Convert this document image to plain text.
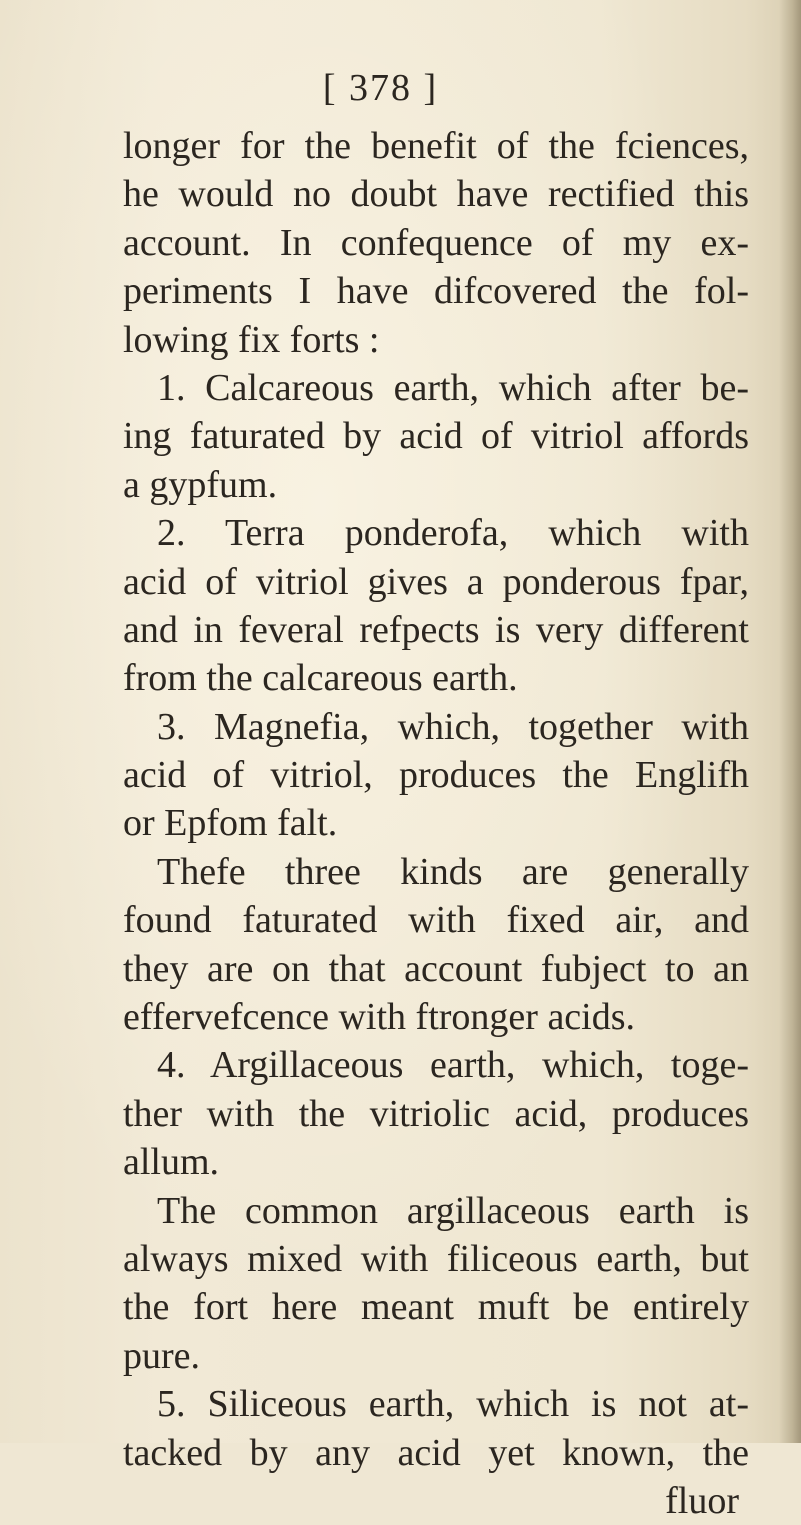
[ 378 ]
longer for the benefit of the fciences,
he would no doubt have rectified this
account. In confequence of my ex-
periments I have difcovered the fol-
lowing fix forts :
1. Calcareous earth, which after be-
ing faturated by acid of vitriol affords
a gypfum.
2. Terra ponderofa, which with
acid of vitriol gives a ponderous fpar,
and in feveral refpects is very different
from the calcareous earth.
3. Magnefia, which, together with
acid of vitriol, produces the Englifh
or Epfom falt.
Thefe three kinds are generally
found faturated with fixed air, and
they are on that account fubject to an
effervefcence with ftronger acids.
4. Argillaceous earth, which, toge-
ther with the vitriolic acid, produces
allum.
The common argillaceous earth is
always mixed with filiceous earth, but
the fort here meant muft be entirely
pure.
5. Siliceous earth, which is not at-
tacked by any acid yet known, the
fluor
